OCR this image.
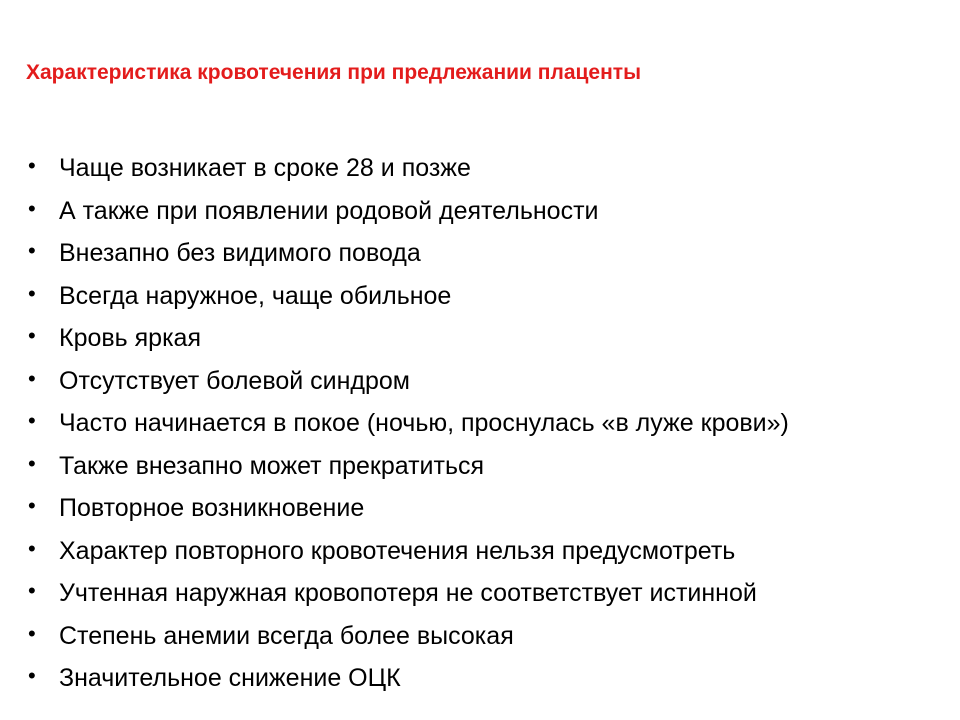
Характеристика кровотечения при предлежании плаценты
• Чаще возникает в сроке 28 и позже
• А также при появлении родовой деятельности
• Внезапно без видимого повода
• Всегда наружное, чаще обильное
• Кровь яркая
• Отсутствует болевой синдром
• Часто начинается в покое (ночью, проснулась «в луже крови»)
• Также внезапно может прекратиться
• Повторное возникновение
• Характер повторного кровотечения нельзя предусмотреть
• Учтенная наружная кровопотеря не соответствует истинной
• Степень анемии всегда более высокая
• Значительное снижение ОЦК
